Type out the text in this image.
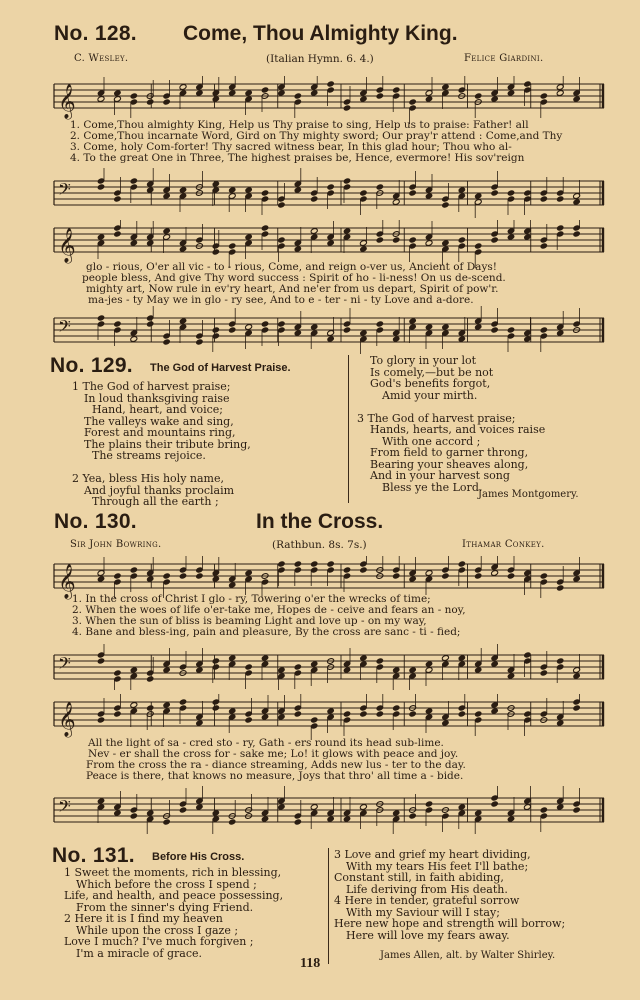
No. 128. Come, Thou Almighty King.
C. Wesley.	(Italian Hymn. 6. 4.)	Felice Giardini.
𝄞
1. Come,Thou almighty King, Help us Thy praise to sing, Help us to praise: Father! all
2. Come,Thou incarnate Word, Gird on Thy mighty sword; Our pray'r attend : Come,and Thy
3. Come, holy Com-forter! Thy sacred witness bear, In this glad hour; Thou who al-
4. To the great One in Three, The highest praises be, Hence, evermore! His sov'reign
𝄢
𝄞
glo - rious, O'er all vic - to - rious, Come, and reign o-ver us, Ancient of Days!
people bless, And give Thy word success : Spirit of ho - li-ness! On us de-scend.
mighty art, Now rule in ev'ry heart, And ne'er from us depart, Spirit of pow'r.
ma-jes - ty May we in glo - ry see, And to e - ter - ni - ty Love and a-dore.
𝄢
No. 129. The God of Harvest Praise.
1 The God of harvest praise;
In loud thanksgiving raise
Hand, heart, and voice;
The valleys wake and sing,
Forest and mountains ring,
The plains their tribute bring,
The streams rejoice.
2 Yea, bless His holy name,
And joyful thanks proclaim
Through all the earth ;
To glory in your lot
Is comely,—but be not
God's benefits forgot,
Amid your mirth.
3 The God of harvest praise;
Hands, hearts, and voices raise
With one accord ;
From field to garner throng,
Bearing your sheaves along,
And in your harvest song
Bless ye the Lord.
James Montgomery.
No. 130.	In the Cross.
Sir John Bowring.	(Rathbun. 8s. 7s.)	Ithamar Conkey.
𝄞
1. In the cross of Christ I glo - ry, Towering o'er the wrecks of time;
2. When the woes of life o'er-take me, Hopes de - ceive and fears an - noy,
3. When the sun of bliss is beaming Light and love up - on my way,
4. Bane and bless-ing, pain and pleasure, By the cross are sanc - ti - fied;
𝄢
𝄞
All the light of sa - cred sto - ry, Gath - ers round its head sub-lime.
Nev - er shall the cross for - sake me; Lo! it glows with peace and joy.
From the cross the ra - diance streaming, Adds new lus - ter to the day.
Peace is there, that knows no measure, Joys that thro' all time a - bide.
𝄢
No. 131. Before His Cross.
1 Sweet the moments, rich in blessing,
Which before the cross I spend ;
Life, and health, and peace possessing,
From the sinner's dying Friend.
2 Here it is I find my heaven
While upon the cross I gaze ;
Love I much? I've much forgiven ;
I'm a miracle of grace.
3 Love and grief my heart dividing,
With my tears His feet I'll bathe;
Constant still, in faith abiding,
Life deriving from His death.
4 Here in tender, grateful sorrow
With my Saviour will I stay;
Here new hope and strength will borrow;
Here will love my fears away.
James Allen, alt. by Walter Shirley.
118
